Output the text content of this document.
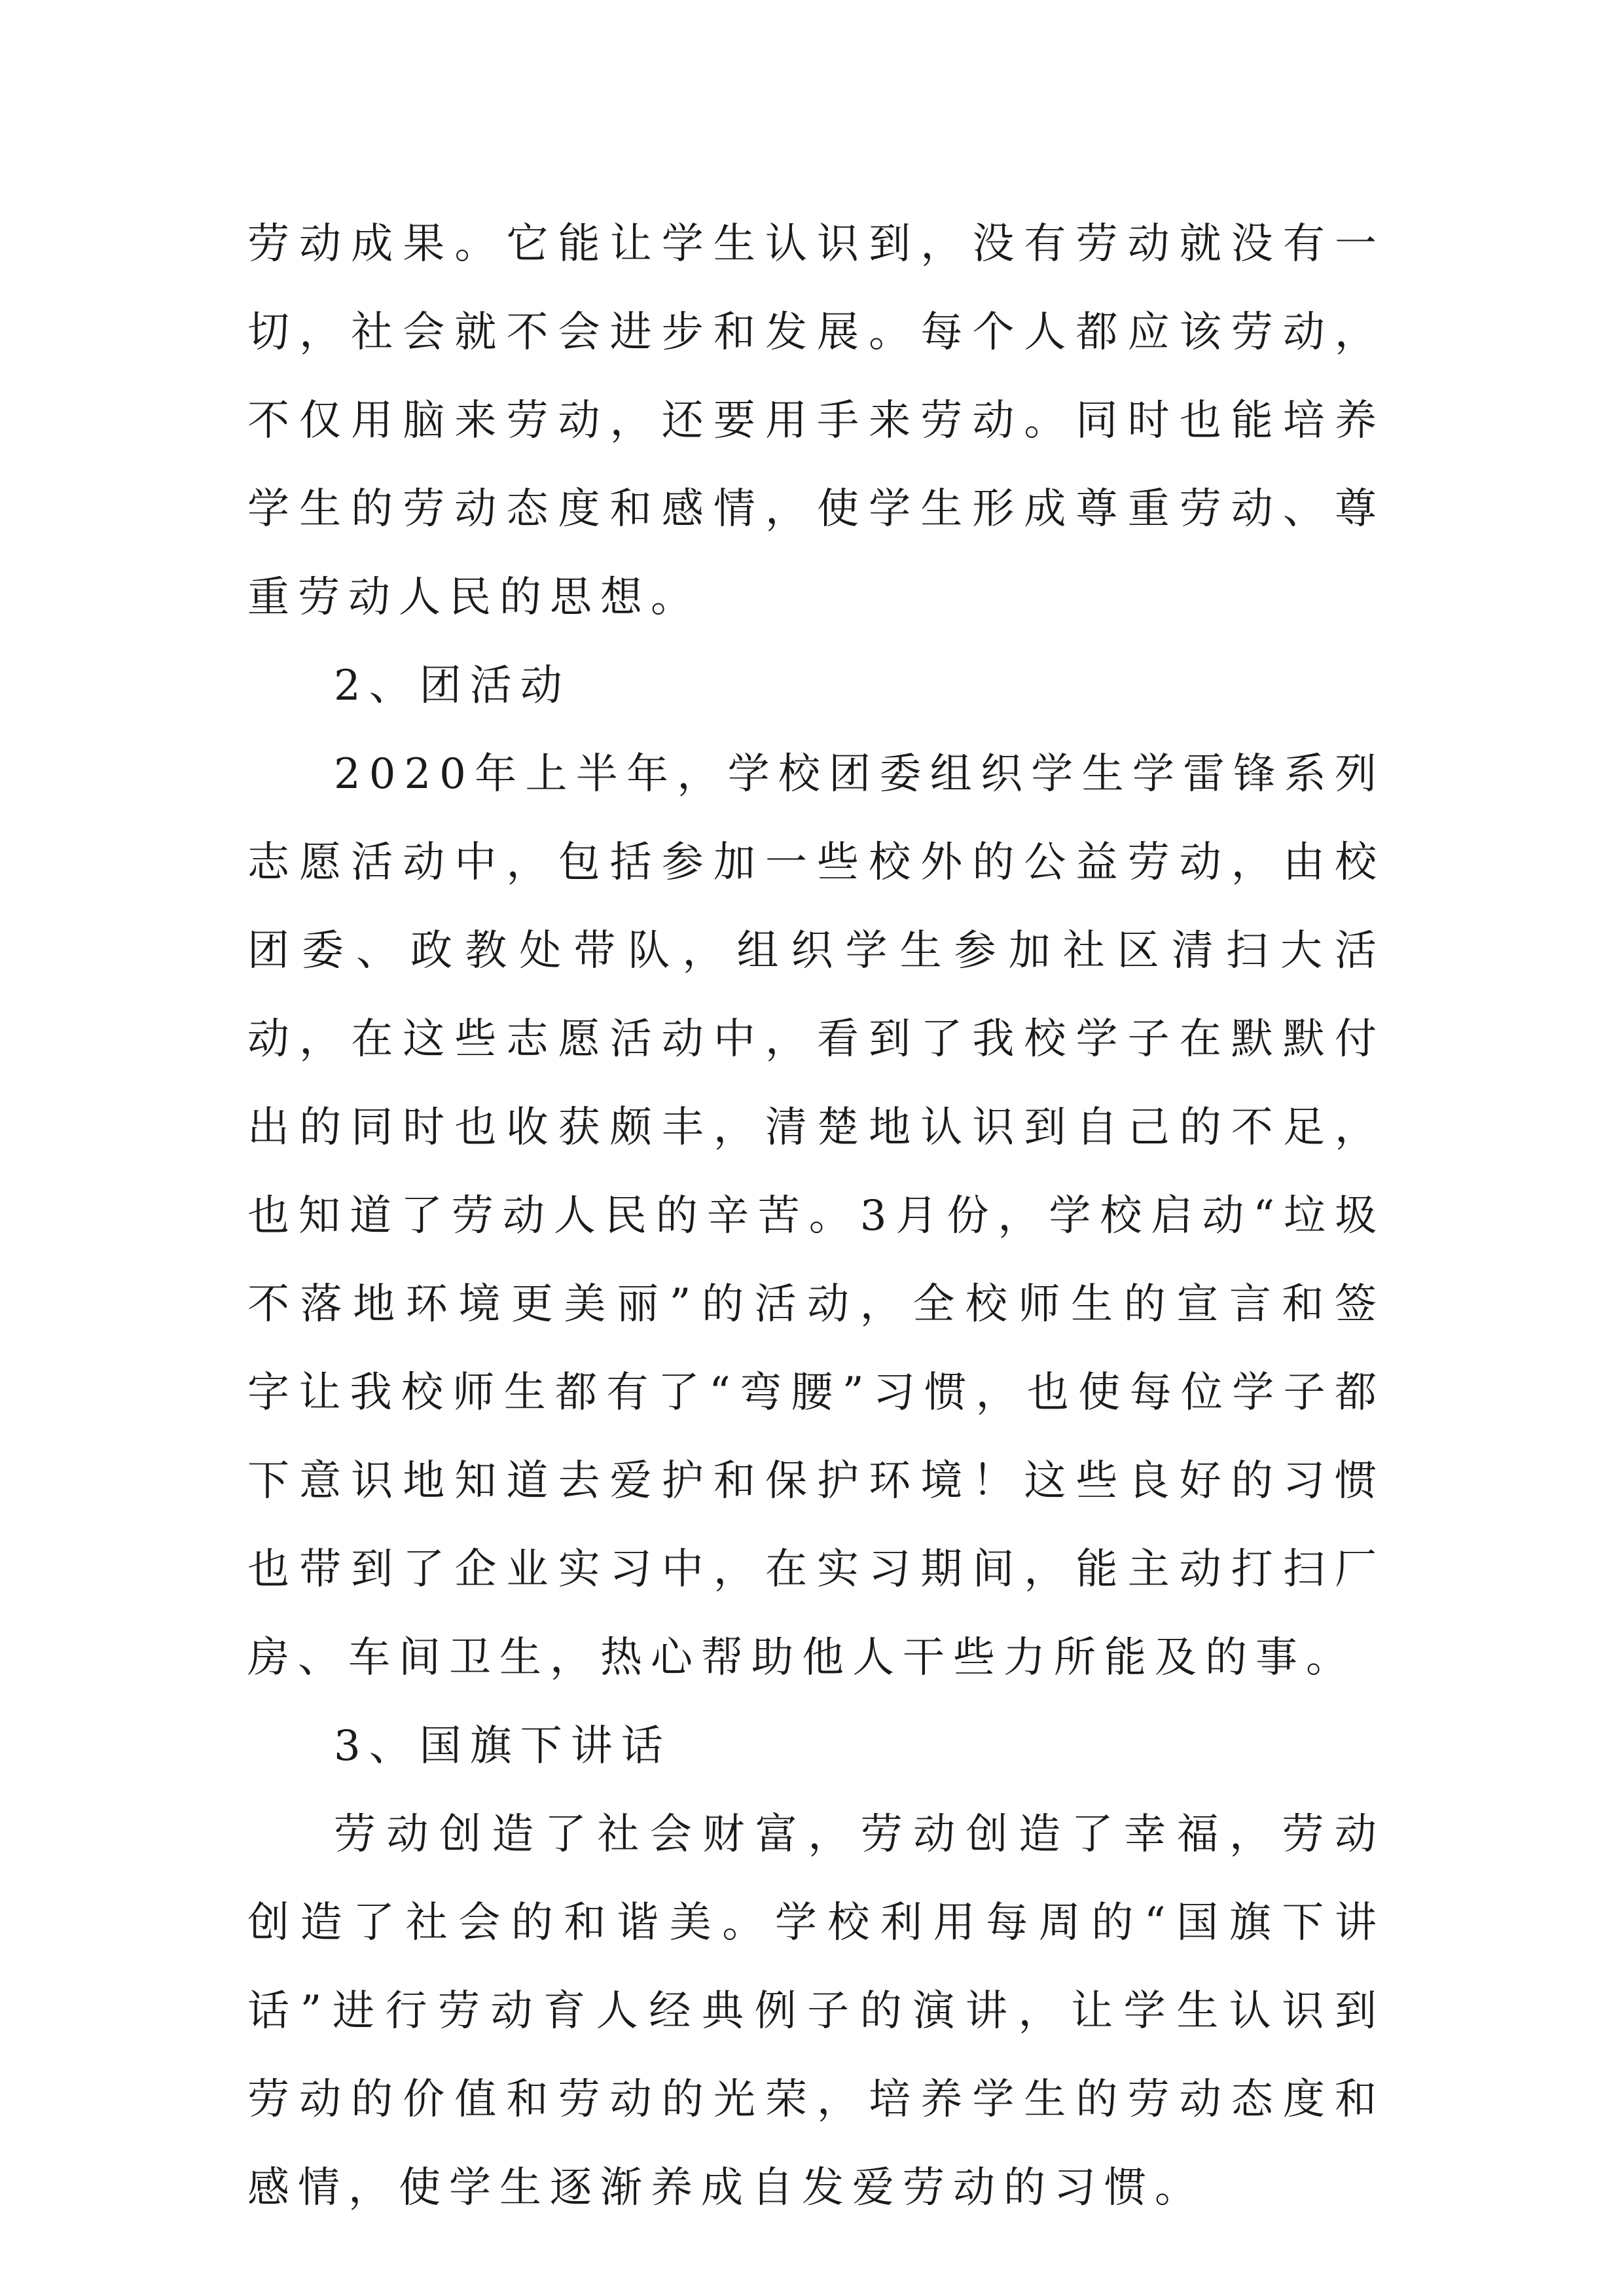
劳动成果。它能让学生认识到，没有劳动就没有一切，社会就不会进步和发展。每个人都应该劳动，不仅用脑来劳动，还要用手来劳动。同时也能培养学生的劳动态度和感情，使学生形成尊重劳动、尊重劳动人民的思想。

2、团活动

2020年上半年，学校团委组织学生学雷锋系列志愿活动中，包括参加一些校外的公益劳动，由校团委、政教处带队，组织学生参加社区清扫大活动，在这些志愿活动中，看到了我校学子在默默付出的同时也收获颇丰，清楚地认识到自己的不足，也知道了劳动人民的辛苦。3月份，学校启动“垃圾不落地环境更美丽”的活动，全校师生的宣言和签字让我校师生都有了“弯腰”习惯，也使每位学子都下意识地知道去爱护和保护环境！这些良好的习惯也带到了企业实习中，在实习期间，能主动打扫厂房、车间卫生，热心帮助他人干些力所能及的事。

3、国旗下讲话

劳动创造了社会财富，劳动创造了幸福，劳动创造了社会的和谐美。学校利用每周的“国旗下讲话”进行劳动育人经典例子的演讲，让学生认识到劳动的价值和劳动的光荣，培养学生的劳动态度和感情，使学生逐渐养成自发爱劳动的习惯。
